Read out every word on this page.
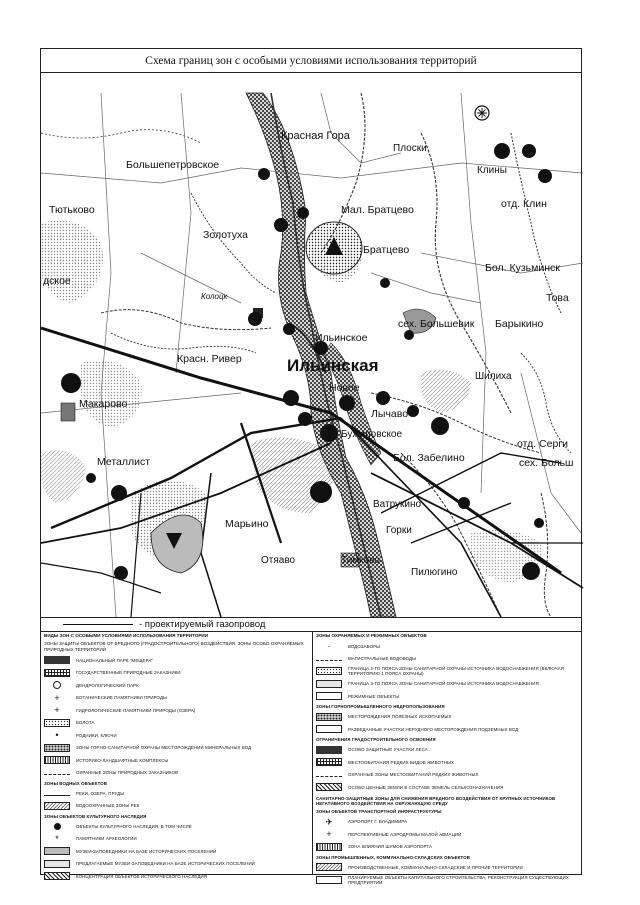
Схема границ зон с особыми условиями использования территорий
Красная Гора
Большепетровское
Тютьково
Плоски
Клины
Мал. Братцево
Братцево
Золотуха
отд. Клин
Бол. Кузьминск
Това
дское
Колоцк
Ильинское
сех. Большевик Барыкино
Красн. Ривер	Ильинская
Новое
Шилиха
Макарово
Лычаво
Бужиловское
отд. Серги
сех. Больш
Металлист	Бол. Забелино
Марьино
Ватрукино
Горки
Отяаво	Тимково
Пилюгино
- проектируемый газопровод
ВИДЫ ЗОН С ОСОБЫМИ УСЛОВИЯМИ ИСПОЛЬЗОВАНИЯ ТЕРРИТОРИИ
ЗОНЫ ЗАЩИТЫ ОБЪЕКТОВ ОТ ВРЕДНОГО (ГРАДОСТРОИТЕЛЬНОГО) ВОЗДЕЙСТВИЯ. ЗОНЫ ОСОБО ОХРАНЯЕМЫХ ПРИРОДНЫХ ТЕРРИТОРИЙ
НАЦИОНАЛЬНЫЙ ПАРК "МЕЩЕРА"
ГОСУДАРСТВЕННЫЕ ПРИРОДНЫЕ ЗАКАЗНИКИ
ДЕНДРОЛОГИЧЕСКИЙ ПАРК
+	БОТАНИЧЕСКИЕ ПАМЯТНИКИ ПРИРОДЫ
+	ГИДРОЛОГИЧЕСКИЕ ПАМЯТНИКИ ПРИРОДЫ (ОЗЕРА)
БОЛОТА
•	РОДНИКИ, КЛЮЧИ
ЗОНЫ ГОРНО-САНИТАРНОЙ ОХРАНЫ МЕСТОРОЖДЕНИЙ МИНЕРАЛЬНЫХ ВОД
ИСТОРИКО-ЛАНДШАФТНЫЕ КОМПЛЕКСЫ
ОХРАННЫЕ ЗОНЫ ПРИРОДНЫХ ЗАКАЗНИКОВ
ЗОНЫ ВОДНЫХ ОБЪЕКТОВ
РЕКИ, ОЗЕРА, ПРУДЫ
ВОДООХРАННЫЕ ЗОНЫ РЕК
ЗОНЫ ОБЪЕКТОВ КУЛЬТУРНОГО НАСЛЕДИЯ
ОБЪЕКТЫ КУЛЬТУРНОГО НАСЛЕДИЯ, В ТОМ ЧИСЛЕ
*	ПАМЯТНИКИ АРХЕОЛОГИИ
МУЗЕИ-ЗАПОВЕДНИКИ НА БАЗЕ ИСТОРИЧЕСКИХ ПОСЕЛЕНИЙ
ПРЕДЛАГАЕМЫЕ МУЗЕИ-ЗАПОВЕДНИКИ НА БАЗЕ ИСТОРИЧЕСКИХ ПОСЕЛЕНИЙ
КОНЦЕНТРАЦИЯ ОБЪЕКТОВ ИСТОРИЧЕСКОГО НАСЛЕДИЯ
ЗОНЫ ОХРАНЯЕМЫХ И РЕЖИМНЫХ ОБЪЕКТОВ
·	ВОДОЗАБОРЫ
МАГИСТРАЛЬНЫЕ ВОДОВОДЫ
ГРАНИЦА 2-ГО ПОЯСА ЗОНЫ САНИТАРНОЙ ОХРАНЫ ИСТОЧНИКА ВОДОСНАБЖЕНИЯ (ВКЛЮЧАЯ ТЕРРИТОРИЮ 1 ПОЯСА ОХРАНЫ)
ГРАНИЦА 3-ГО ПОЯСА ЗОНЫ САНИТАРНОЙ ОХРАНЫ ИСТОЧНИКА ВОДОСНАБЖЕНИЯ
РЕЖИМНЫЕ ОБЪЕКТЫ
ЗОНЫ ГОРНОПРОМЫШЛЕННОГО НЕДРОПОЛЬЗОВАНИЯ
МЕСТОРОЖДЕНИЯ ПОЛЕЗНЫХ ИСКОПАЕМЫХ
РАЗВЕДАННЫЕ УЧАСТКИ НЕРУДНОГО МЕСТОРОЖДЕНИЯ ПОДЗЕМНЫХ ВОД
ОГРАНИЧЕНИЯ ГРАДОСТРОИТЕЛЬНОГО ОСВОЕНИЯ
ОСОБО ЗАЩИТНЫЕ УЧАСТКИ ЛЕСА
МЕСТООБИТАНИЯ РЕДКИХ ВИДОВ ЖИВОТНЫХ
ОХРАННЫЕ ЗОНЫ МЕСТООБИТАНИЙ РЕДКИХ ЖИВОТНЫХ
ОСОБО ЦЕННЫЕ ЗЕМЛИ В СОСТАВЕ ЗЕМЕЛЬ СЕЛЬХОЗНАЗНАЧЕНИЯ
САНИТАРНО-ЗАЩИТНЫЕ ЗОНЫ ДЛЯ СНИЖЕНИЯ ВРЕДНОГО ВОЗДЕЙСТВИЯ ОТ КРУПНЫХ ИСТОЧНИКОВ НЕГАТИВНОГО ВОЗДЕЙСТВИЯ НА ОКРУЖАЮЩУЮ СРЕДУ
ЗОНЫ ОБЪЕКТОВ ТРАНСПОРТНОЙ ИНФРАСТРУКТУРЫ
✈	АЭРОПОРТ Г. ВЛАДИМИРА
+	ПЕРСПЕКТИВНЫЕ АЭРОДРОМЫ МАЛОЙ АВИАЦИИ
ЗОНА ВЛИЯНИЯ ШУМОВ АЭРОПОРТА
ЗОНЫ ПРОМЫШЛЕННЫХ, КОММУНАЛЬНО-СКЛАДСКИХ ОБЪЕКТОВ
ПРОИЗВОДСТВЕННЫЕ, КОММУНАЛЬНО-СКЛАДСКИЕ И ПРОЧИЕ ТЕРРИТОРИИ
ПЛАНИРУЕМЫЕ ОБЪЕКТЫ КАПИТАЛЬНОГО СТРОИТЕЛЬСТВА, РЕКОНСТРУКЦИЯ СУЩЕСТВУЮЩИХ ПРЕДПРИЯТИЙ
